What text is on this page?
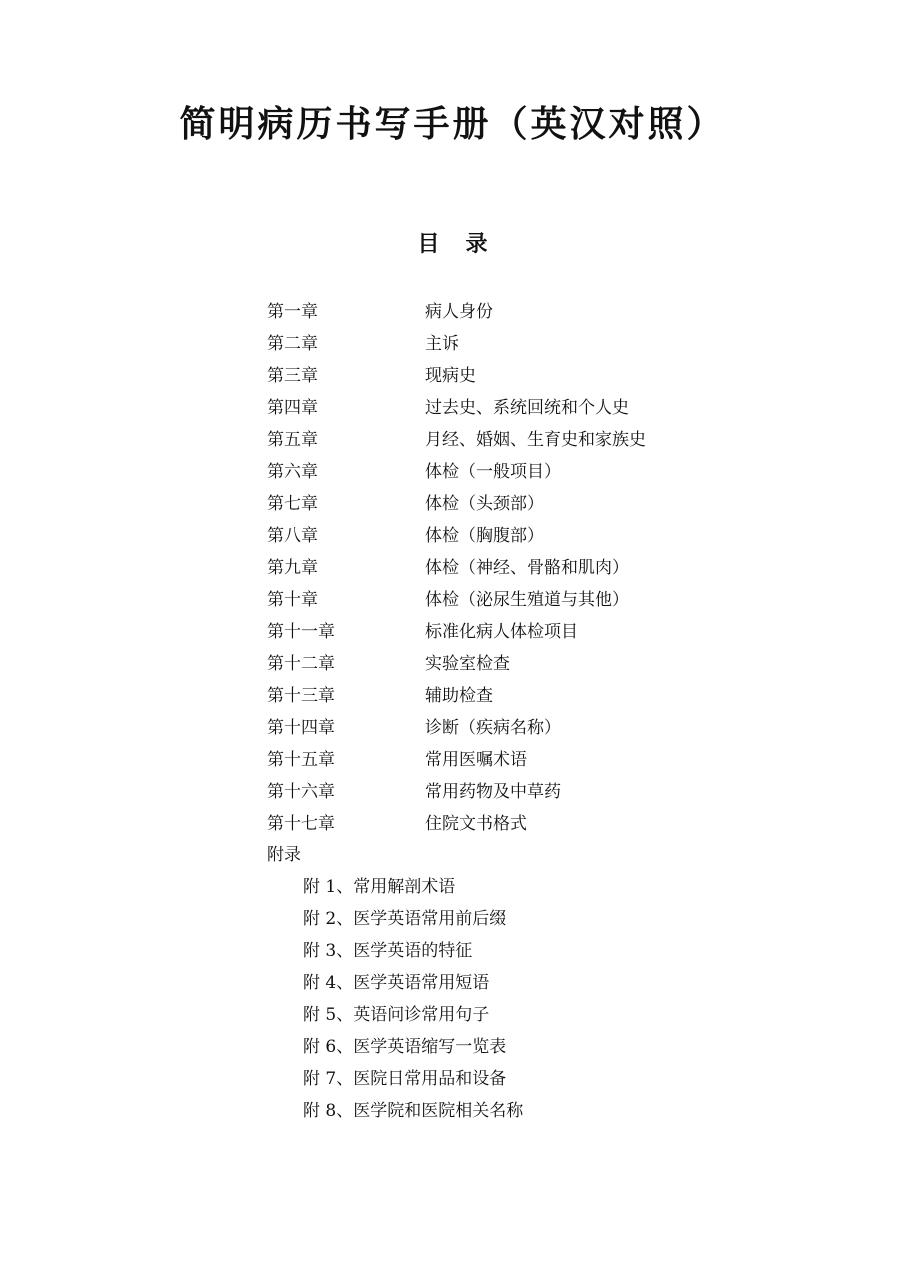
简明病历书写手册（英汉对照）
目 录
第一章	病人身份
第二章	主诉
第三章	现病史
第四章	过去史、系统回统和个人史
第五章	月经、婚姻、生育史和家族史
第六章	体检（一般项目）
第七章	体检（头颈部）
第八章	体检（胸腹部）
第九章	体检（神经、骨骼和肌肉）
第十章	体检（泌尿生殖道与其他）
第十一章	标准化病人体检项目
第十二章	实验室检查
第十三章	辅助检查
第十四章	诊断（疾病名称）
第十五章	常用医嘱术语
第十六章	常用药物及中草药
第十七章	住院文书格式
附录
附 1、常用解剖术语
附 2、医学英语常用前后缀
附 3、医学英语的特征
附 4、医学英语常用短语
附 5、英语问诊常用句子
附 6、医学英语缩写一览表
附 7、医院日常用品和设备
附 8、医学院和医院相关名称
